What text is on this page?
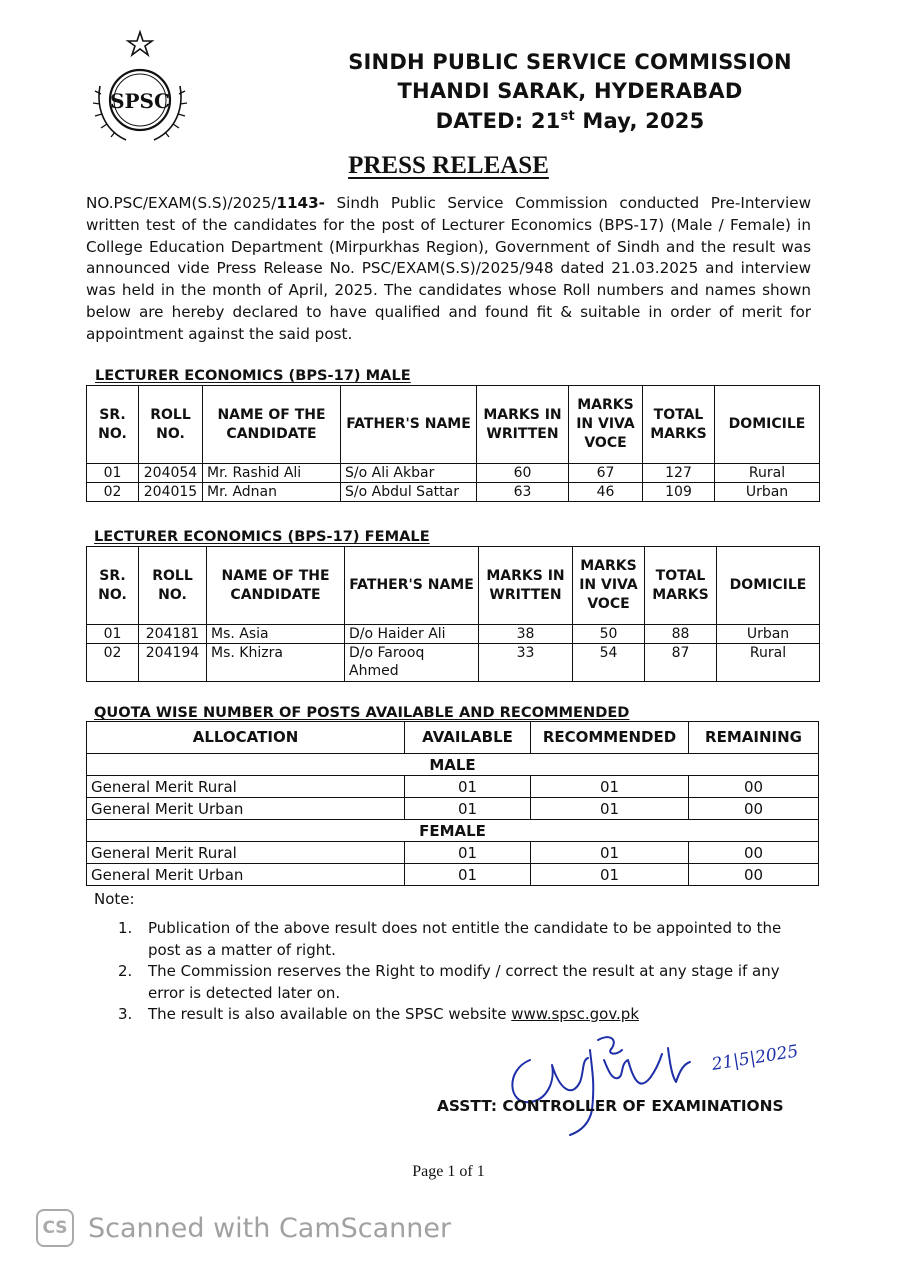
SPSC
SINDH PUBLIC SERVICE COMMISSION
THANDI SARAK, HYDERABAD
DATED: 21st May, 2025
PRESS RELEASE
NO.PSC/EXAM(S.S)/2025/1143- Sindh Public Service Commission conducted Pre-Interview written test of the candidates for the post of Lecturer Economics (BPS-17) (Male / Female) in College Education Department (Mirpurkhas Region), Government of Sindh and the result was announced vide Press Release No. PSC/EXAM(S.S)/2025/948 dated 21.03.2025 and interview was held in the month of April, 2025. The candidates whose Roll numbers and names shown below are hereby declared to have qualified and found fit & suitable in order of merit for appointment against the said post.
LECTURER ECONOMICS (BPS-17) MALE
SR. NO.	ROLL NO.	NAME OF THE CANDIDATE	FATHER'S NAME	MARKS IN WRITTEN	MARKS IN VIVA VOCE	TOTAL MARKS	DOMICILE
01	204054	Mr. Rashid Ali	S/o Ali Akbar	60	67	127	Rural
02	204015	Mr. Adnan	S/o Abdul Sattar	63	46	109	Urban
LECTURER ECONOMICS (BPS-17) FEMALE
SR. NO.	ROLL NO.	NAME OF THE CANDIDATE	FATHER'S NAME	MARKS IN WRITTEN	MARKS IN VIVA VOCE	TOTAL MARKS	DOMICILE
01	204181	Ms. Asia	D/o Haider Ali	38	50	88	Urban
02	204194	Ms. Khizra	D/o Farooq Ahmed	33	54	87	Rural
QUOTA WISE NUMBER OF POSTS AVAILABLE AND RECOMMENDED
ALLOCATION	AVAILABLE	RECOMMENDED	REMAINING
MALE			
General Merit Rural	01	01	00
General Merit Urban	01	01	00
FEMALE			
General Merit Rural	01	01	00
General Merit Urban	01	01	00
Note:
1. Publication of the above result does not entitle the candidate to be appointed to the post as a matter of right.
2. The Commission reserves the Right to modify / correct the result at any stage if any error is detected later on.
3. The result is also available on the SPSC website www.spsc.gov.pk
21|5|2025
ASSTT: CONTROLLER OF EXAMINATIONS
Page 1 of 1
CS Scanned with CamScanner
